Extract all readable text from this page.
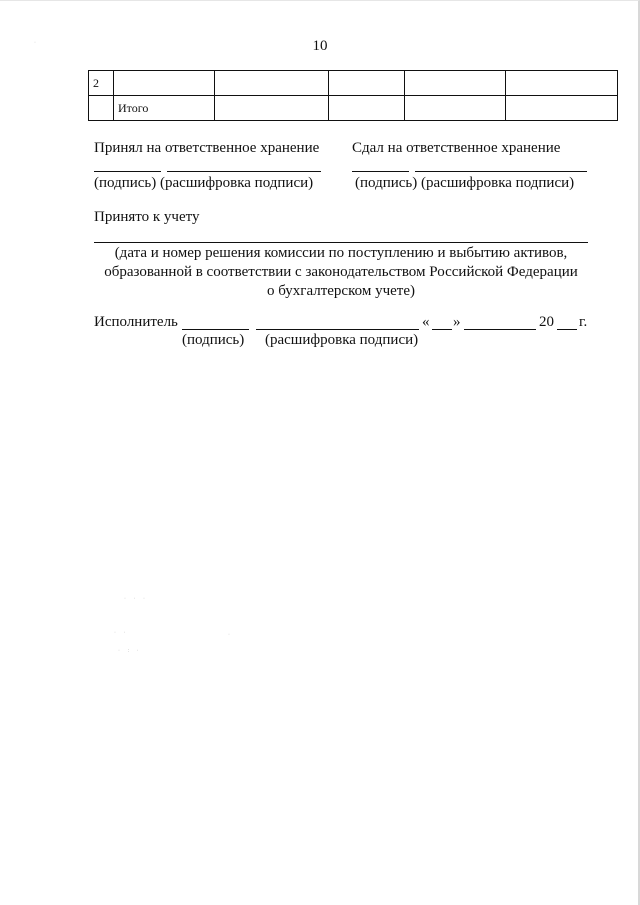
10
2					
	Итого				
Принял на ответственное хранение Сдал на ответственное хранение
(подпись) (расшифровка подписи)	(подпись) (расшифровка подписи)
Принято к учету
(дата и номер решения комиссии по поступлению и выбытию активов,
образованной в соответствии с законодательством Российской Федерации
о бухгалтерском учете)
Исполнитель	« »	20 г.
(подпись) (расшифровка подписи)
· · ·
· ·
· : ·
·
·
